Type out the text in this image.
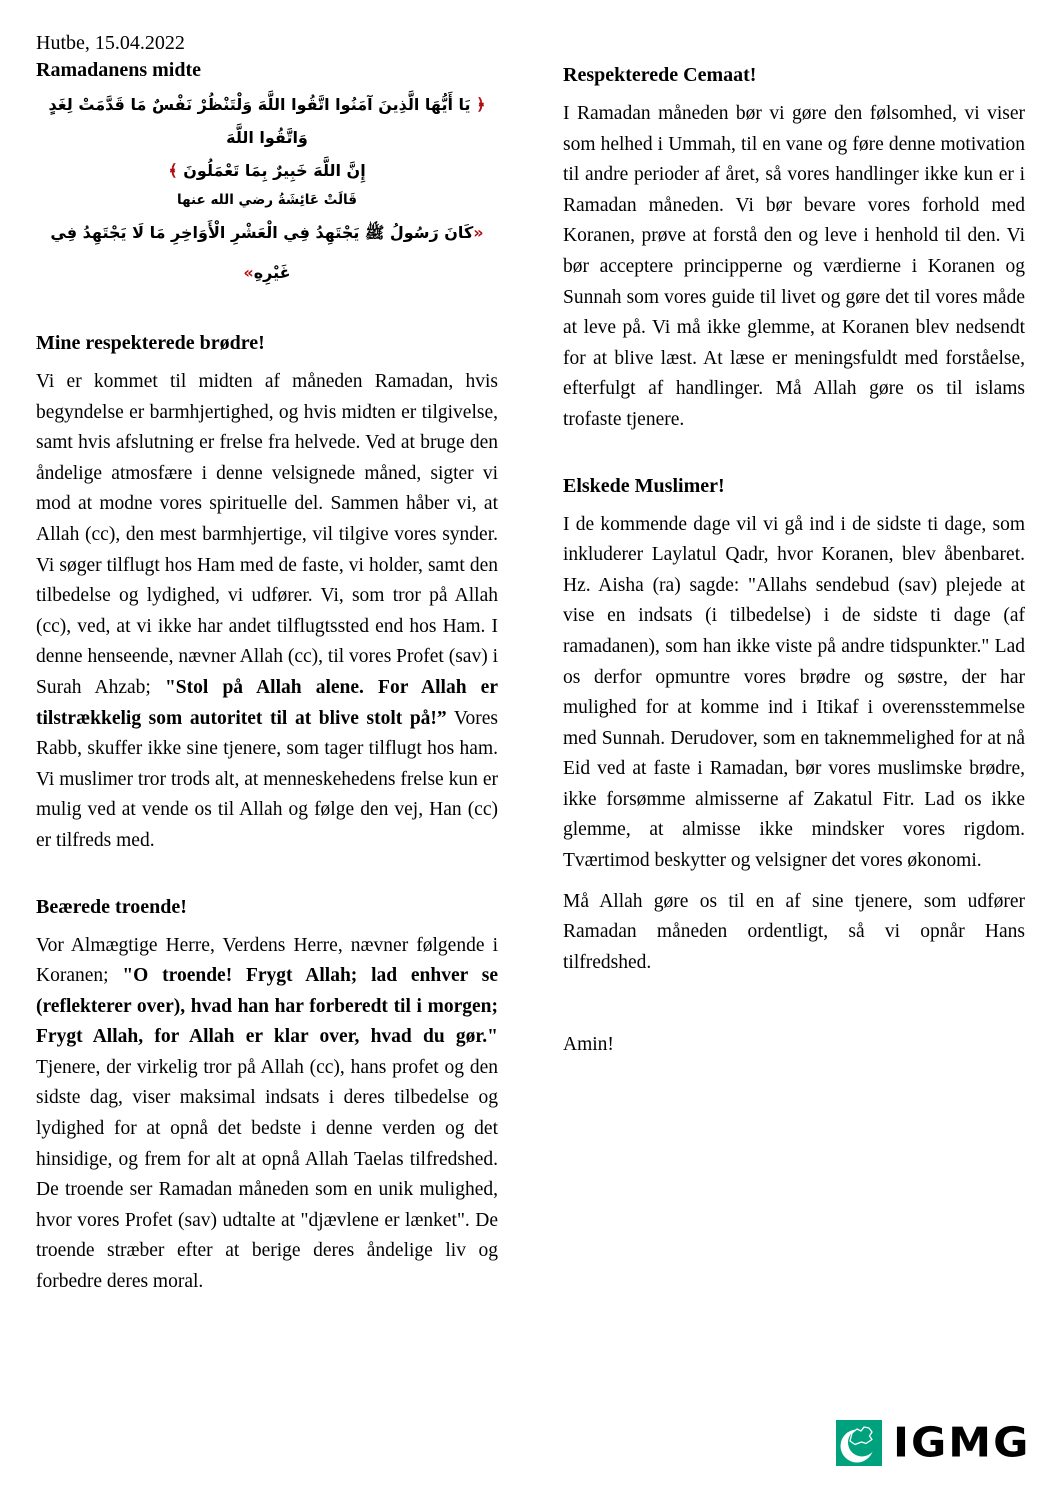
Hutbe, 15.04.2022
Ramadanens midte
﴿ يَا أَيُّهَا الَّذِينَ آمَنُوا اتَّقُوا اللَّهَ وَلْتَنْظُرْ نَفْسٌ مَا قَدَّمَتْ لِغَدٍ وَاتَّقُوا اللَّهَ
إِنَّ اللَّهَ خَبِيرٌ بِمَا تَعْمَلُونَ ﴾
قَالَتْ عَائِشَةُ رضي الله عنها
«كَانَ رَسُولُ ﷺ يَجْتَهِدُ فِي الْعَشْرِ الْأَوَاخِرِ مَا لَا يَجْتَهِدُ فِي غَيْرِهِ»
Mine respekterede brødre!

Vi er kommet til midten af måneden Ramadan, hvis begyndelse er barmhjertighed, og hvis midten er tilgivelse, samt hvis afslutning er frelse fra helvede. Ved at bruge den åndelige atmosfære i denne velsignede måned, sigter vi mod at modne vores spirituelle del. Sammen håber vi, at Allah (cc), den mest barmhjertige, vil tilgive vores synder. Vi søger tilflugt hos Ham med de faste, vi holder, samt den tilbedelse og lydighed, vi udfører. Vi, som tror på Allah (cc), ved, at vi ikke har andet tilflugtssted end hos Ham. I denne henseende, nævner Allah (cc), til vores Profet (sav) i Surah Ahzab; "Stol på Allah alene. For Allah er tilstrækkelig som autoritet til at blive stolt på!” Vores Rabb, skuffer ikke sine tjenere, som tager tilflugt hos ham. Vi muslimer tror trods alt, at menneskehedens frelse kun er mulig ved at vende os til Allah og følge den vej, Han (cc) er tilfreds med.

Beærede troende!

Vor Almægtige Herre, Verdens Herre, nævner følgende i Koranen; "O troende! Frygt Allah; lad enhver se (reflekterer over), hvad han har forberedt til i morgen; Frygt Allah, for Allah er klar over, hvad du gør." Tjenere, der virkelig tror på Allah (cc), hans profet og den sidste dag, viser maksimal indsats i deres tilbedelse og lydighed for at opnå det bedste i denne verden og det hinsidige, og frem for alt at opnå Allah Taelas tilfredshed. De troende ser Ramadan måneden som en unik mulighed, hvor vores Profet (sav) udtalte at "djævlene er lænket". De troende stræber efter at berige deres åndelige liv og forbedre deres moral.

Respekterede Cemaat!

I Ramadan måneden bør vi gøre den følsomhed, vi viser som helhed i Ummah, til en vane og føre denne motivation til andre perioder af året, så vores handlinger ikke kun er i Ramadan måneden. Vi bør bevare vores forhold med Koranen, prøve at forstå den og leve i henhold til den. Vi bør acceptere principperne og værdierne i Koranen og Sunnah som vores guide til livet og gøre det til vores måde at leve på. Vi må ikke glemme, at Koranen blev nedsendt for at blive læst. At læse er meningsfuldt med forståelse, efterfulgt af handlinger. Må Allah gøre os til islams trofaste tjenere.

Elskede Muslimer!

I de kommende dage vil vi gå ind i de sidste ti dage, som inkluderer Laylatul Qadr, hvor Koranen, blev åbenbaret. Hz. Aisha (ra) sagde: "Allahs sendebud (sav) plejede at vise en indsats (i tilbedelse) i de sidste ti dage (af ramadanen), som han ikke viste på andre tidspunkter." Lad os derfor opmuntre vores brødre og søstre, der har mulighed for at komme ind i Itikaf i overensstemmelse med Sunnah. Derudover, som en taknemmelighed for at nå Eid ved at faste i Ramadan, bør vores muslimske brødre, ikke forsømme almisserne af Zakatul Fitr. Lad os ikke glemme, at almisse ikke mindsker vores rigdom. Tværtimod beskytter og velsigner det vores økonomi.

Må Allah gøre os til en af sine tjenere, som udfører Ramadan måneden ordentligt, så vi opnår Hans tilfredshed.

Amin!

IGMG
